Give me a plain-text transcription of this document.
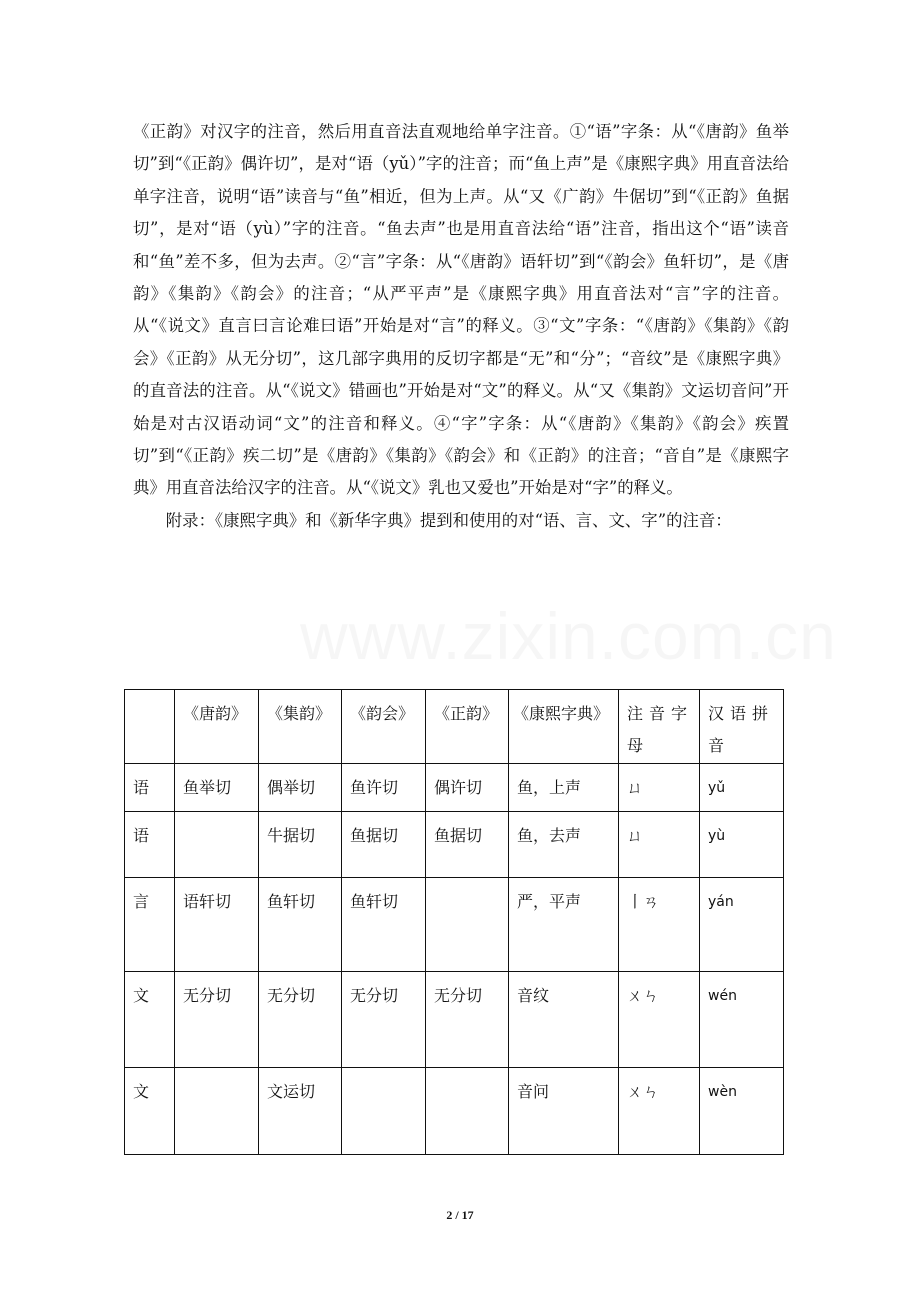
《正韵》对汉字的注音，然后用直音法直观地给单字注音。①“语”字条：从“《唐韵》鱼举切”到“《正韵》偶许切”，是对“语（yǔ）”字的注音；而“鱼上声”是《康熙字典》用直音法给单字注音，说明“语”读音与“鱼”相近，但为上声。从“又《广韵》牛倨切”到“《正韵》鱼据切”，是对“语（yù）”字的注音。“鱼去声”也是用直音法给“语”注音，指出这个“语”读音和“鱼”差不多，但为去声。②“言”字条：从“《唐韵》语轩切”到“《韵会》鱼轩切”，是《唐韵》《集韵》《韵会》的注音；“从严平声”是《康熙字典》用直音法对“言”字的注音。从“《说文》直言曰言论难曰语”开始是对“言”的释义。③“文”字条：“《唐韵》《集韵》《韵会》《正韵》从无分切”，这几部字典用的反切字都是“无”和“分”；“音纹”是《康熙字典》的直音法的注音。从“《说文》错画也”开始是对“文”的释义。从“又《集韵》文运切音问”开始是对古汉语动词“文”的注音和释义。④“字”字条：从“《唐韵》《集韵》《韵会》疾置切”到“《正韵》疾二切”是《唐韵》《集韵》《韵会》和《正韵》的注音；“音自”是《康熙字典》用直音法给汉字的注音。从“《说文》乳也又爱也”开始是对“字”的释义。

附录：《康熙字典》和《新华字典》提到和使用的对“语、言、文、字”的注音：

	《唐韵》	《集韵》	《韵会》	《正韵》	《康熙字典》	注音字母	汉语拼音
语	鱼举切	偶举切	鱼许切	偶许切	鱼，上声	ㄩ	yǔ
语		牛据切	鱼据切	鱼据切	鱼，去声	ㄩ	yù
言	语轩切	鱼轩切	鱼轩切		严，平声	丨ㄢ	yán
文	无分切	无分切	无分切	无分切	音纹	ㄨㄣ	wén
文		文运切			音问	ㄨㄣ	wèn
2 / 17
